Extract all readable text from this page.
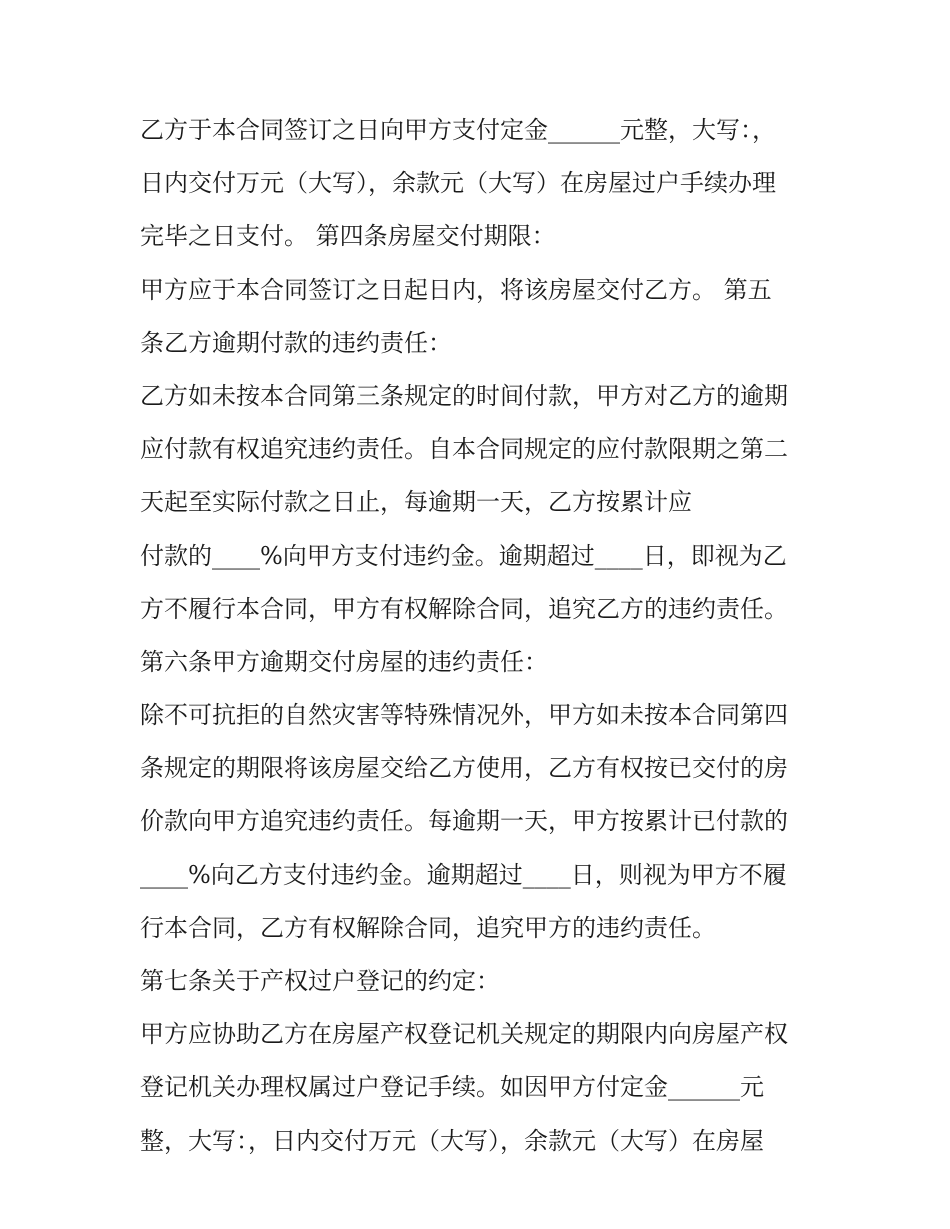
乙方于本合同签订之日向甲方支付定金______元整，大写：，

日内交付万元（大写），余款元（大写）在房屋过户手续办理

完毕之日支付。 第四条房屋交付期限：

甲方应于本合同签订之日起日内，将该房屋交付乙方。 第五

条乙方逾期付款的违约责任：

乙方如未按本合同第三条规定的时间付款，甲方对乙方的逾期

应付款有权追究违约责任。自本合同规定的应付款限期之第二

天起至实际付款之日止，每逾期一天，乙方按累计应

付款的____%向甲方支付违约金。逾期超过____日，即视为乙

方不履行本合同，甲方有权解除合同，追究乙方的违约责任。

第六条甲方逾期交付房屋的违约责任：

除不可抗拒的自然灾害等特殊情况外，甲方如未按本合同第四

条规定的期限将该房屋交给乙方使用，乙方有权按已交付的房

价款向甲方追究违约责任。每逾期一天，甲方按累计已付款的

____%向乙方支付违约金。逾期超过____日，则视为甲方不履

行本合同，乙方有权解除合同，追究甲方的违约责任。

第七条关于产权过户登记的约定：

甲方应协助乙方在房屋产权登记机关规定的期限内向房屋产权

登记机关办理权属过户登记手续。如因甲方付定金______元

整，大写：，日内交付万元（大写），余款元（大写）在房屋
